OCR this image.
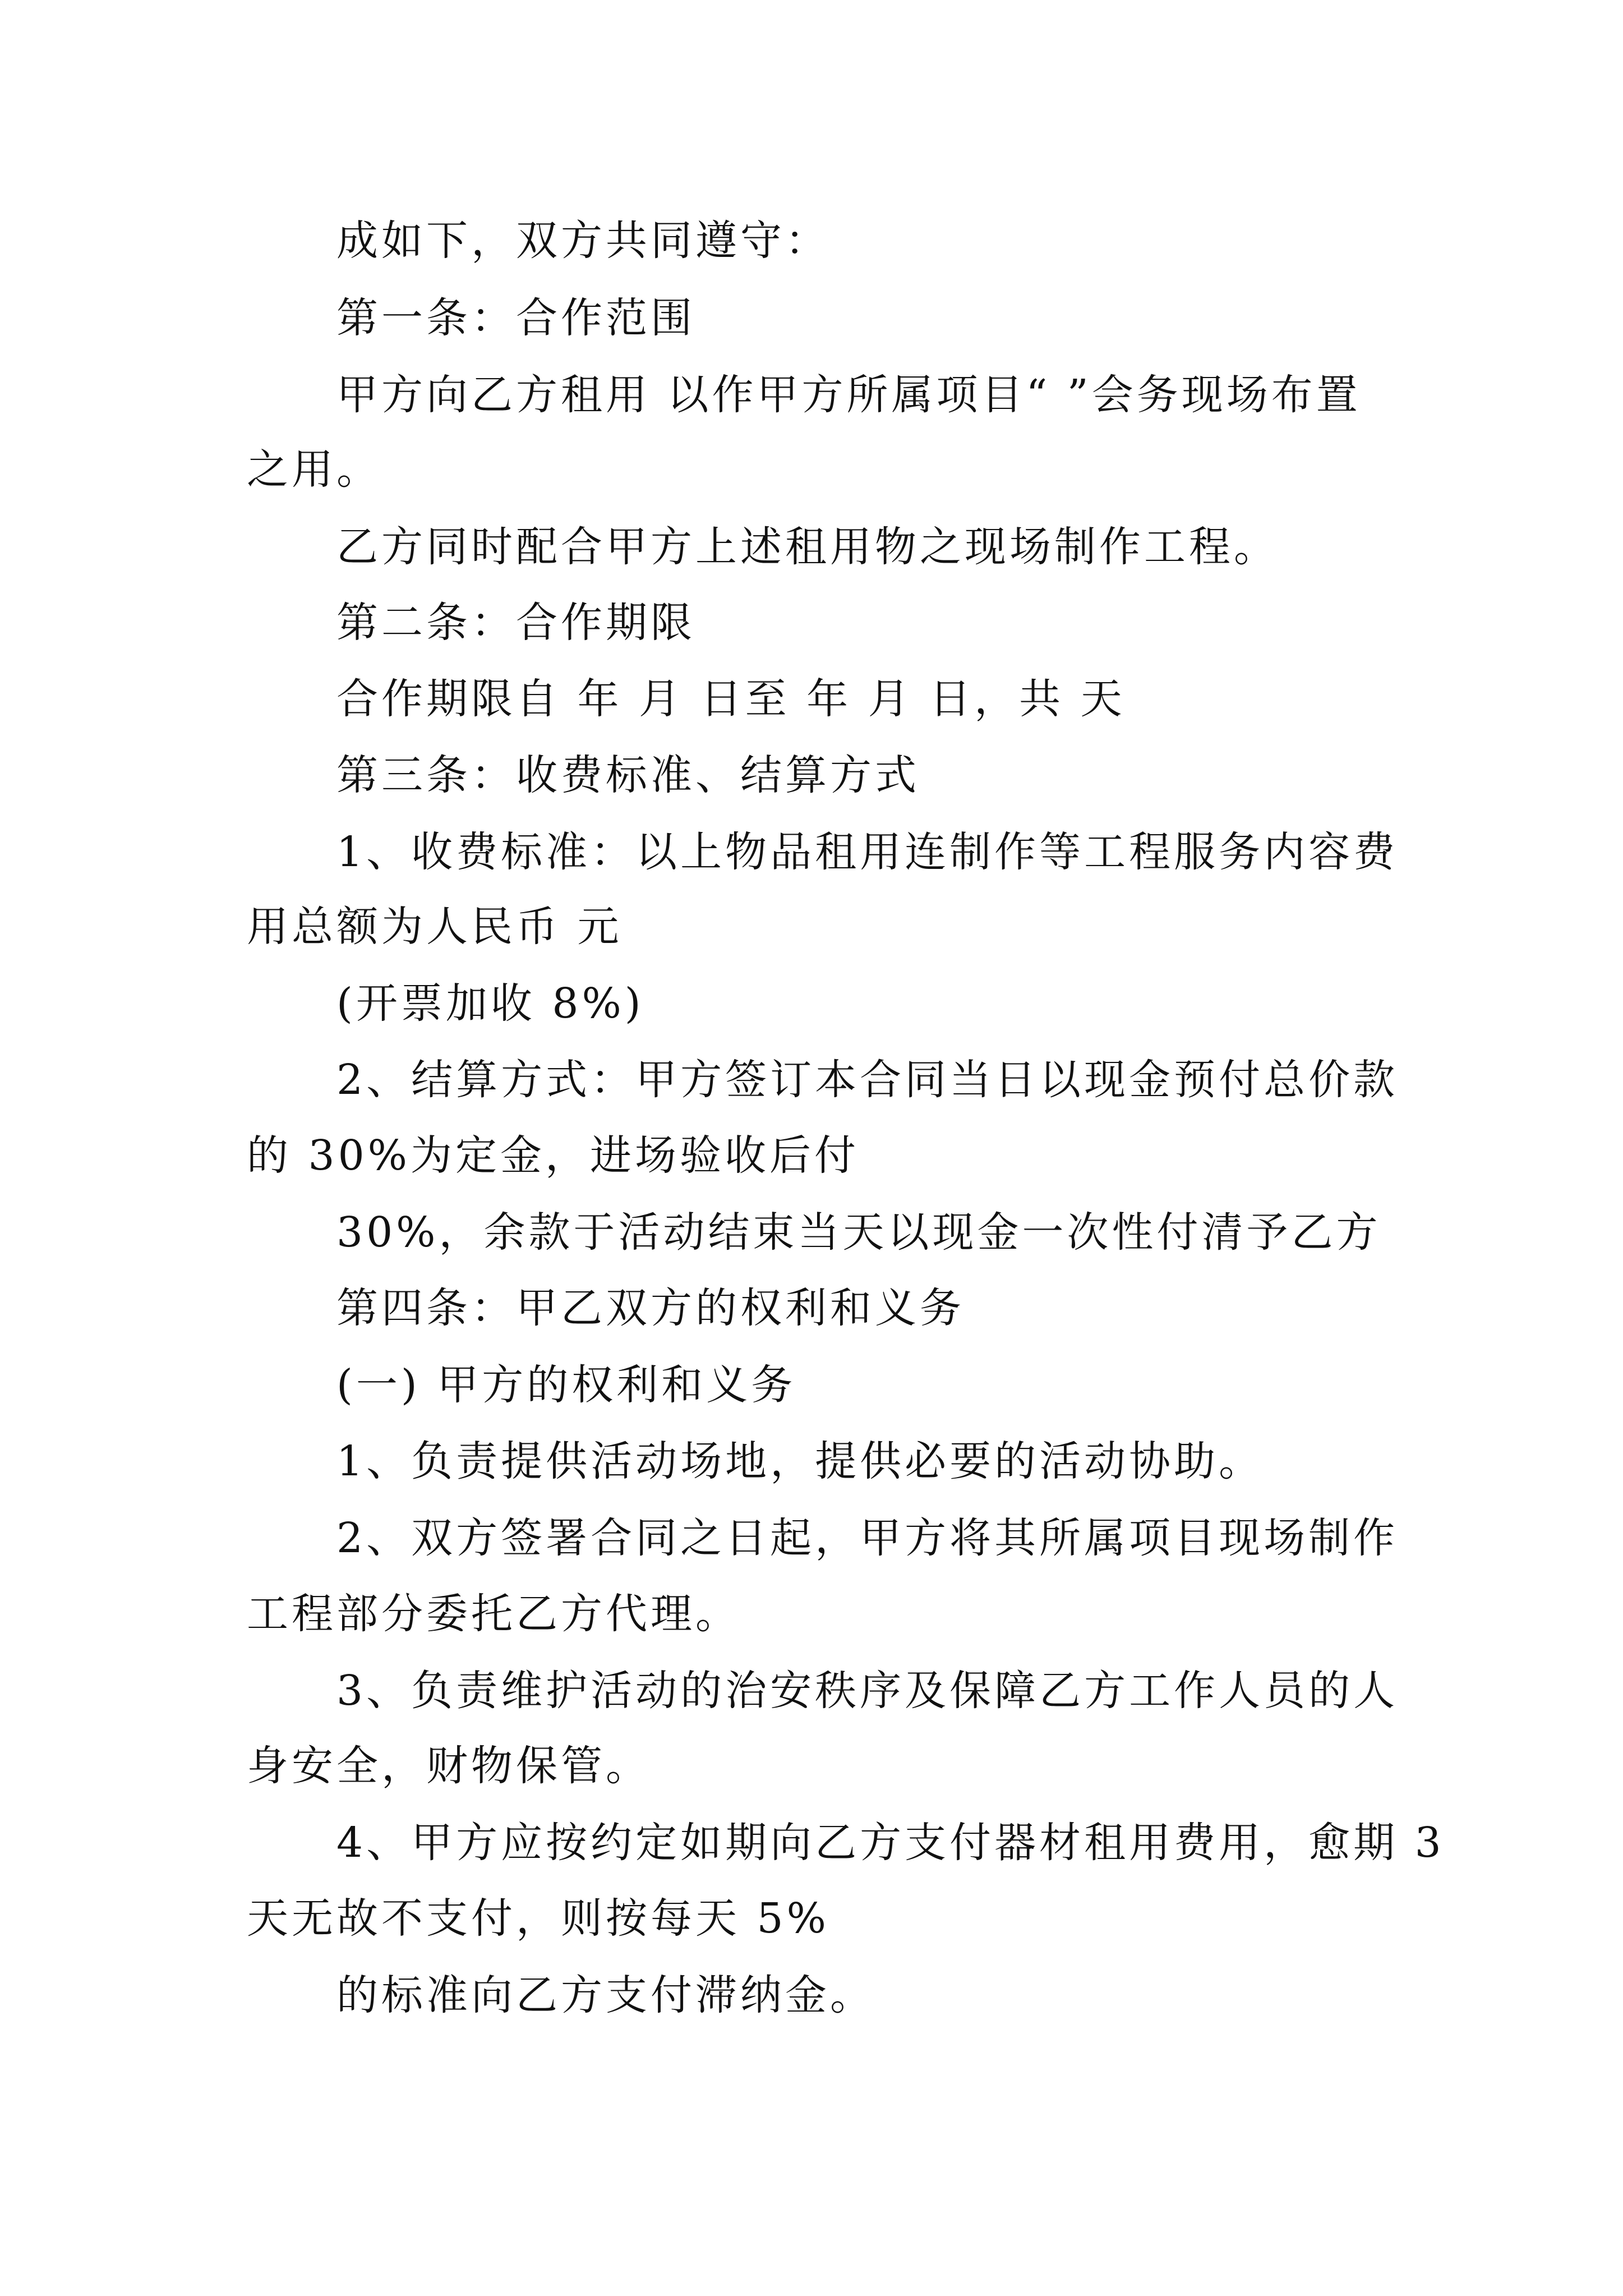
成如下，双方共同遵守：
第一条：合作范围
甲方向乙方租用 以作甲方所属项目“ ”会务现场布置
之用。
乙方同时配合甲方上述租用物之现场制作工程。
第二条：合作期限
合作期限自 年 月 日至 年 月 日，共 天
第三条：收费标准、结算方式
1、收费标准：以上物品租用连制作等工程服务内容费
用总额为人民币 元
(开票加收 8%)
2、结算方式：甲方签订本合同当日以现金预付总价款
的 30%为定金，进场验收后付
30%，余款于活动结束当天以现金一次性付清予乙方
第四条：甲乙双方的权利和义务
(一) 甲方的权利和义务
1、负责提供活动场地，提供必要的活动协助。
2、双方签署合同之日起，甲方将其所属项目现场制作
工程部分委托乙方代理。
3、负责维护活动的治安秩序及保障乙方工作人员的人
身安全，财物保管。
4、甲方应按约定如期向乙方支付器材租用费用，愈期 3
天无故不支付，则按每天 5%
的标准向乙方支付滞纳金。
